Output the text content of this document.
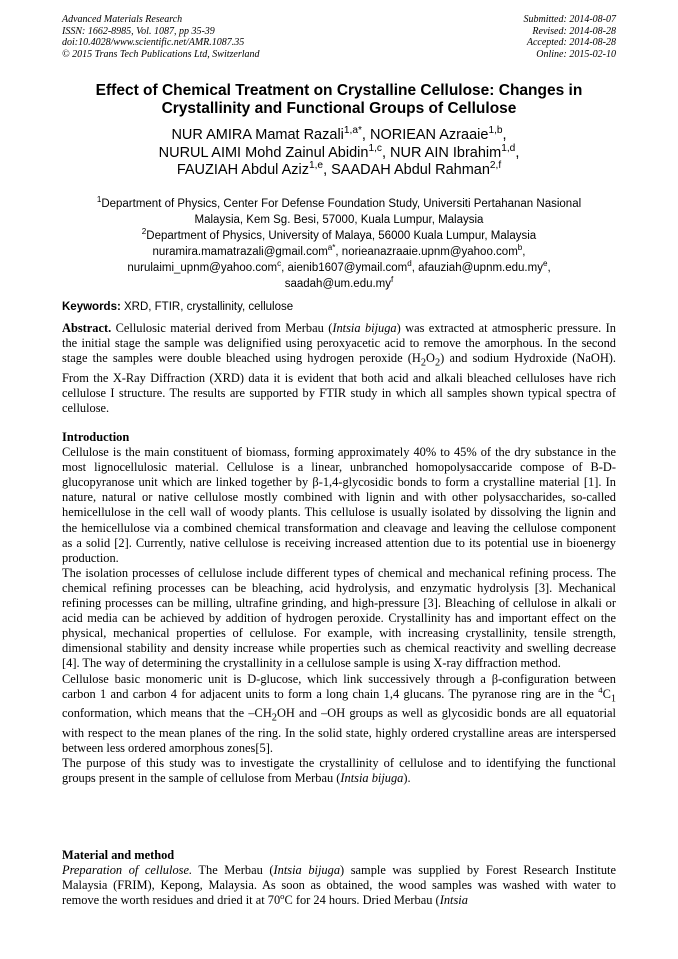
Advanced Materials Research
ISSN: 1662-8985, Vol. 1087, pp 35-39
doi:10.4028/www.scientific.net/AMR.1087.35
© 2015 Trans Tech Publications Ltd, Switzerland
Submitted: 2014-08-07
Revised: 2014-08-28
Accepted: 2014-08-28
Online: 2015-02-10
Effect of Chemical Treatment on Crystalline Cellulose: Changes in
Crystallinity and Functional Groups of Cellulose
NUR AMIRA Mamat Razali$^{1,a*}$, NORIEAN Azraaie$^{1,b}$,
NURUL AIMI Mohd Zainul Abidin$^{1,c}$, NUR AIN Ibrahim$^{1,d}$,
FAUZIAH Abdul Aziz$^{1,e}$, SAADAH Abdul Rahman$^{2,f}$
$^1$Department of Physics, Center For Defense Foundation Study, Universiti Pertahanan Nasional
Malaysia, Kem Sg. Besi, 57000, Kuala Lumpur, Malaysia
$^2$Department of Physics, University of Malaya, 56000 Kuala Lumpur, Malaysia
nuramira.mamatrazali@gmail.com$^{a*}$, norieanazraaie.upnm@yahoo.com$^b$,
nurulaimi_upnm@yahoo.com$^c$, aienib1607@ymail.com$^d$, $afauziah@upnm.edu.my^e$,
$saadah@um.edu.my^f$
Keywords: XRD, FTIR, crystallinity, cellulose

Abstract. Cellulosic material derived from Merbau (Intsia bijuga) was extracted at atmospheric pressure. In the initial stage the sample was delignified using peroxyacetic acid to remove the amorphous. In the second stage the samples were double bleached using hydrogen peroxide $(H_2O_2)$ and sodium Hydroxide (NaOH). From the X-Ray Diffraction (XRD) data it is evident that both acid and alkali bleached celluloses have rich cellulose I structure. The results are supported by FTIR study in which all samples shown typical spectra of cellulose.

Introduction

Cellulose is the main constituent of biomass, forming approximately 40% to 45% of the dry substance in the most lignocellulosic material. Cellulose is a linear, unbranched homopolysaccaride compose of B-D-glucopyranose unit which are linked together by β-1,4-glycosidic bonds to form a crystalline material [1]. In nature, natural or native cellulose mostly combined with lignin and with other polysaccharides, so-called hemicellulose in the cell wall of woody plants. This cellulose is usually isolated by dissolving the lignin and the hemicellulose via a combined chemical transformation and cleavage and leaving the cellulose component as a solid [2]. Currently, native cellulose is receiving increased attention due to its potential use in bioenergy production.

The isolation processes of cellulose include different types of chemical and mechanical refining process. The chemical refining processes can be bleaching, acid hydrolysis, and enzymatic hydrolysis [3]. Mechanical refining processes can be milling, ultrafine grinding, and high-pressure [3]. Bleaching of cellulose in alkali or acid media can be achieved by addition of hydrogen peroxide. Crystallinity has and important effect on the physical, mechanical properties of cellulose. For example, with increasing crystallinity, tensile strength, dimensional stability and density increase while properties such as chemical reactivity and swelling decrease [4]. The way of determining the crystallinity in a cellulose sample is using X-ray diffraction method.

Cellulose basic monomeric unit is D-glucose, which link successively through a β-configuration between carbon 1 and carbon 4 for adjacent units to form a long chain 1,4 glucans. The pyranose ring are in the $^4C_1$ conformation, which means that the $-CH_2OH$ and –OH groups as well as glycosidic bonds are all equatorial with respect to the mean planes of the ring. In the solid state, highly ordered crystalline areas are interspersed between less ordered amorphous zones[5].

The purpose of this study was to investigate the crystallinity of cellulose and to identifying the functional groups present in the sample of cellulose from Merbau (Intsia bijuga).

Material and method

Preparation of cellulose. The Merbau (Intsia bijuga) sample was supplied by Forest Research Institute Malaysia (FRIM), Kepong, Malaysia. As soon as obtained, the wood samples was washed with water to remove the worth residues and dried it at 70$^o$C for 24 hours. Dried Merbau (Intsia
